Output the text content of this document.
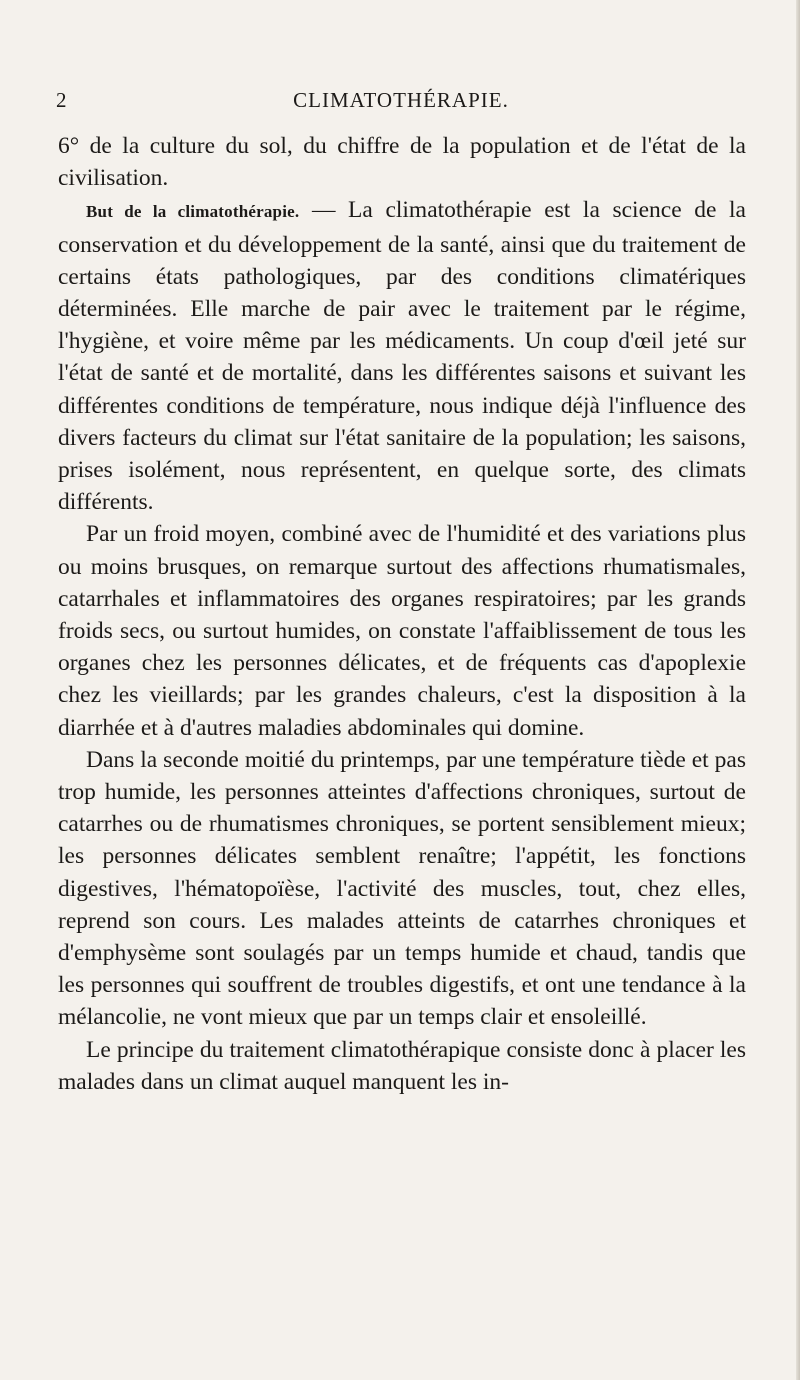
2	CLIMATOTHÉRAPIE.

6° de la culture du sol, du chiffre de la population et de l'état de la civilisation.

But de la climatothérapie. — La climatothérapie est la science de la conservation et du développement de la santé, ainsi que du traitement de certains états pathologiques, par des conditions climatériques déterminées. Elle marche de pair avec le traitement par le régime, l'hygiène, et voire même par les médicaments. Un coup d'œil jeté sur l'état de santé et de mortalité, dans les différentes saisons et suivant les différentes conditions de température, nous indique déjà l'influence des divers facteurs du climat sur l'état sanitaire de la population; les saisons, prises isolément, nous représentent, en quelque sorte, des climats différents.

Par un froid moyen, combiné avec de l'humidité et des variations plus ou moins brusques, on remarque surtout des affections rhumatismales, catarrhales et inflammatoires des organes respiratoires; par les grands froids secs, ou surtout humides, on constate l'affaiblissement de tous les organes chez les personnes délicates, et de fréquents cas d'apoplexie chez les vieillards; par les grandes chaleurs, c'est la disposition à la diarrhée et à d'autres maladies abdominales qui domine.

Dans la seconde moitié du printemps, par une température tiède et pas trop humide, les personnes atteintes d'affections chroniques, surtout de catarrhes ou de rhumatismes chroniques, se portent sensiblement mieux; les personnes délicates semblent renaître; l'appétit, les fonctions digestives, l'hématopoïèse, l'activité des muscles, tout, chez elles, reprend son cours. Les malades atteints de catarrhes chroniques et d'emphysème sont soulagés par un temps humide et chaud, tandis que les personnes qui souffrent de troubles digestifs, et ont une tendance à la mélancolie, ne vont mieux que par un temps clair et ensoleillé.

Le principe du traitement climatothérapique consiste donc à placer les malades dans un climat auquel manquent les in-
